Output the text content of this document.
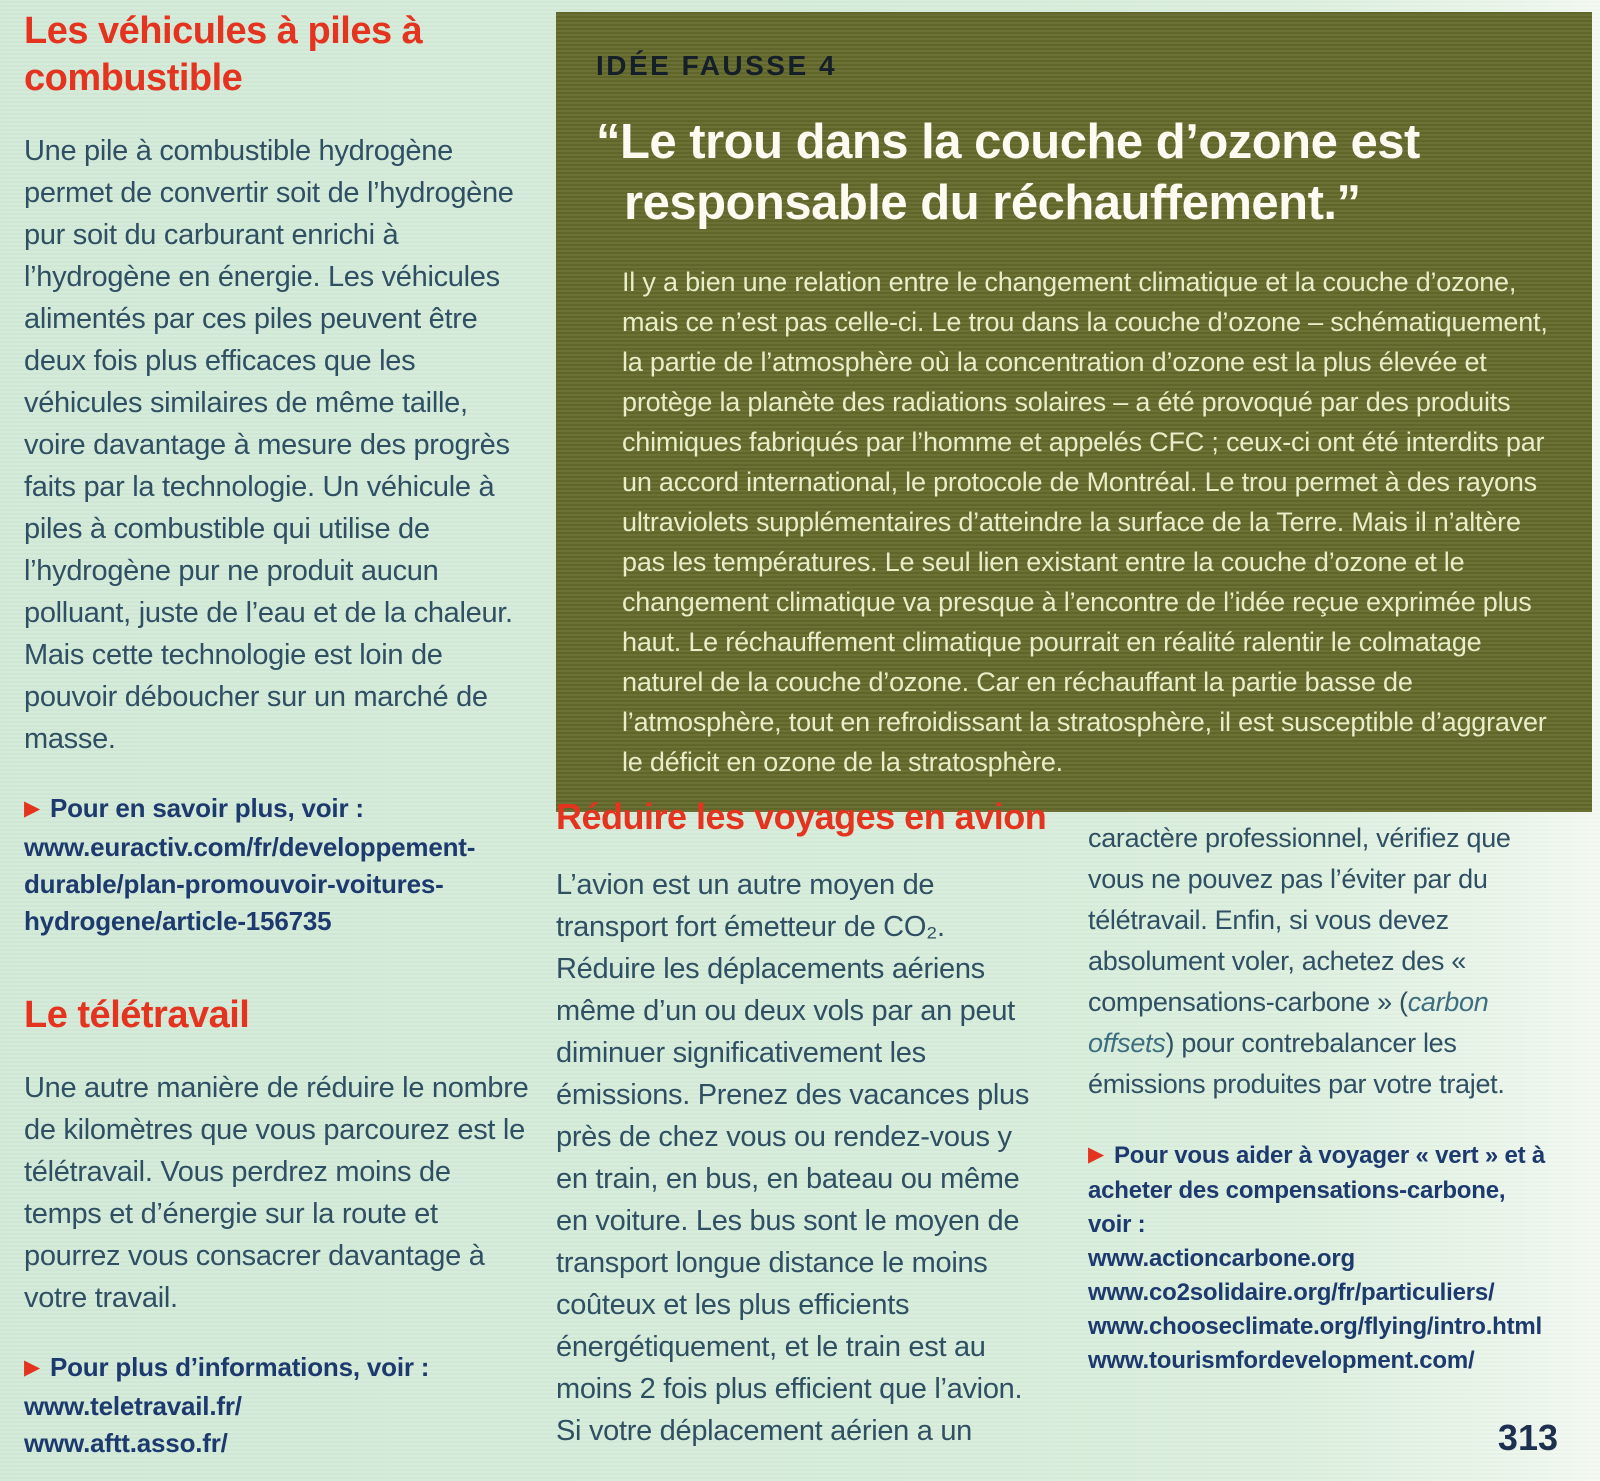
Les véhicules à piles à combustible

Une pile à combustible hydrogène permet de convertir soit de l’hydrogène pur soit du carburant enrichi à l’hydrogène en énergie. Les véhicules alimentés par ces piles peuvent être deux fois plus efficaces que les véhicules similaires de même taille, voire davantage à mesure des progrès faits par la technologie. Un véhicule à piles à combustible qui utilise de l’hydrogène pur ne produit aucun polluant, juste de l’eau et de la chaleur. Mais cette technologie est loin de pouvoir déboucher sur un marché de masse.

▶ Pour en savoir plus, voir : www.euractiv.com/fr/developpement-durable/plan-promouvoir-voitures-hydrogene/article-156735
Le télétravail

Une autre manière de réduire le nombre de kilomètres que vous parcourez est le télétravail. Vous perdrez moins de temps et d’énergie sur la route et pourrez vous consacrer davantage à votre travail.

▶ Pour plus d’informations, voir :
www.teletravail.fr/
www.aftt.asso.fr/
IDÉE FAUSSE 4
“Le trou dans la couche d’ozone est responsable du réchauffement.”

Il y a bien une relation entre le changement climatique et la couche d’ozone, mais ce n’est pas celle-ci. Le trou dans la couche d’ozone – schématiquement, la partie de l’atmosphère où la concentration d’ozone est la plus élevée et protège la planète des radiations solaires – a été provoqué par des produits chimiques fabriqués par l’homme et appelés CFC ; ceux-ci ont été interdits par un accord international, le protocole de Montréal. Le trou permet à des rayons ultraviolets supplémentaires d’atteindre la surface de la Terre. Mais il n’altère pas les températures. Le seul lien existant entre la couche d’ozone et le changement climatique va presque à l’encontre de l’idée reçue exprimée plus haut. Le réchauffement climatique pourrait en réalité ralentir le colmatage naturel de la couche d’ozone. Car en réchauffant la partie basse de l’atmosphère, tout en refroidissant la stratosphère, il est susceptible d’aggraver le déficit en ozone de la stratosphère.

Réduire les voyages en avion

L’avion est un autre moyen de transport fort émetteur de CO₂. Réduire les déplacements aériens même d’un ou deux vols par an peut diminuer significativement les émissions. Prenez des vacances plus près de chez vous ou rendez-vous y en train, en bus, en bateau ou même en voiture. Les bus sont le moyen de transport longue distance le moins coûteux et les plus efficients énergétiquement, et le train est au moins 2 fois plus efficient que l’avion. Si votre déplacement aérien a un

caractère professionnel, vérifiez que vous ne pouvez pas l’éviter par du télétravail. Enfin, si vous devez absolument voler, achetez des « compensations-carbone » (carbon offsets) pour contrebalancer les émissions produites par votre trajet.

▶ Pour vous aider à voyager « vert » et à acheter des compensations-carbone, voir :
www.actioncarbone.org
www.co2solidaire.org/fr/particuliers/
www.chooseclimate.org/flying/intro.html
www.tourismfordevelopment.com/
313
